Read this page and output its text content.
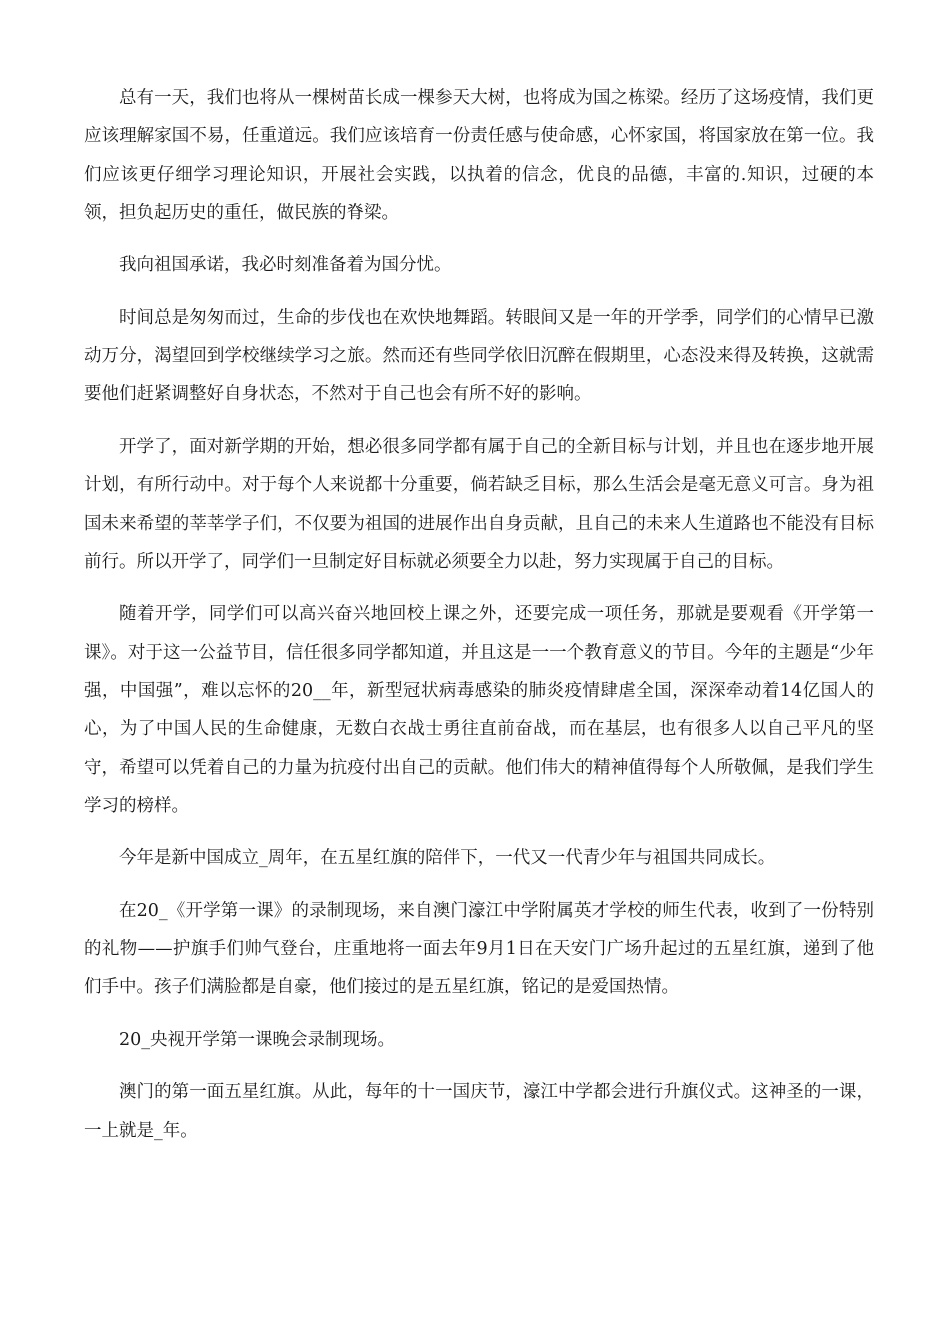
总有一天，我们也将从一棵树苗长成一棵参天大树，也将成为国之栋梁。经历了这场疫情，我们更应该理解家国不易，任重道远。我们应该培育一份责任感与使命感，心怀家国，将国家放在第一位。我们应该更仔细学习理论知识，开展社会实践，以执着的信念，优良的品德，丰富的.知识，过硬的本领，担负起历史的重任，做民族的脊梁。

我向祖国承诺，我必时刻准备着为国分忧。

时间总是匆匆而过，生命的步伐也在欢快地舞蹈。转眼间又是一年的开学季，同学们的心情早已激动万分，渴望回到学校继续学习之旅。然而还有些同学依旧沉醉在假期里，心态没来得及转换，这就需要他们赶紧调整好自身状态，不然对于自己也会有所不好的影响。

开学了，面对新学期的开始，想必很多同学都有属于自己的全新目标与计划，并且也在逐步地开展计划，有所行动中。对于每个人来说都十分重要，倘若缺乏目标，那么生活会是毫无意义可言。身为祖国未来希望的莘莘学子们，不仅要为祖国的进展作出自身贡献，且自己的未来人生道路也不能没有目标前行。所以开学了，同学们一旦制定好目标就必须要全力以赴，努力实现属于自己的目标。

随着开学，同学们可以高兴奋兴地回校上课之外，还要完成一项任务，那就是要观看《开学第一课》。对于这一公益节目，信任很多同学都知道，并且这是一一个教育意义的节目。今年的主题是“少年强，中国强”，难以忘怀的20__年，新型冠状病毒感染的肺炎疫情肆虐全国，深深牵动着14亿国人的心，为了中国人民的生命健康，无数白衣战士勇往直前奋战，而在基层，也有很多人以自己平凡的坚守，希望可以凭着自己的力量为抗疫付出自己的贡献。他们伟大的精神值得每个人所敬佩，是我们学生学习的榜样。

今年是新中国成立_周年，在五星红旗的陪伴下，一代又一代青少年与祖国共同成长。

在20_《开学第一课》的录制现场，来自澳门濠江中学附属英才学校的师生代表，收到了一份特别的礼物——护旗手们帅气登台，庄重地将一面去年9月1日在天安门广场升起过的五星红旗，递到了他们手中。孩子们满脸都是自豪，他们接过的是五星红旗，铭记的是爱国热情。

20_央视开学第一课晚会录制现场。

澳门的第一面五星红旗。从此，每年的十一国庆节，濠江中学都会进行升旗仪式。这神圣的一课，一上就是_年。
